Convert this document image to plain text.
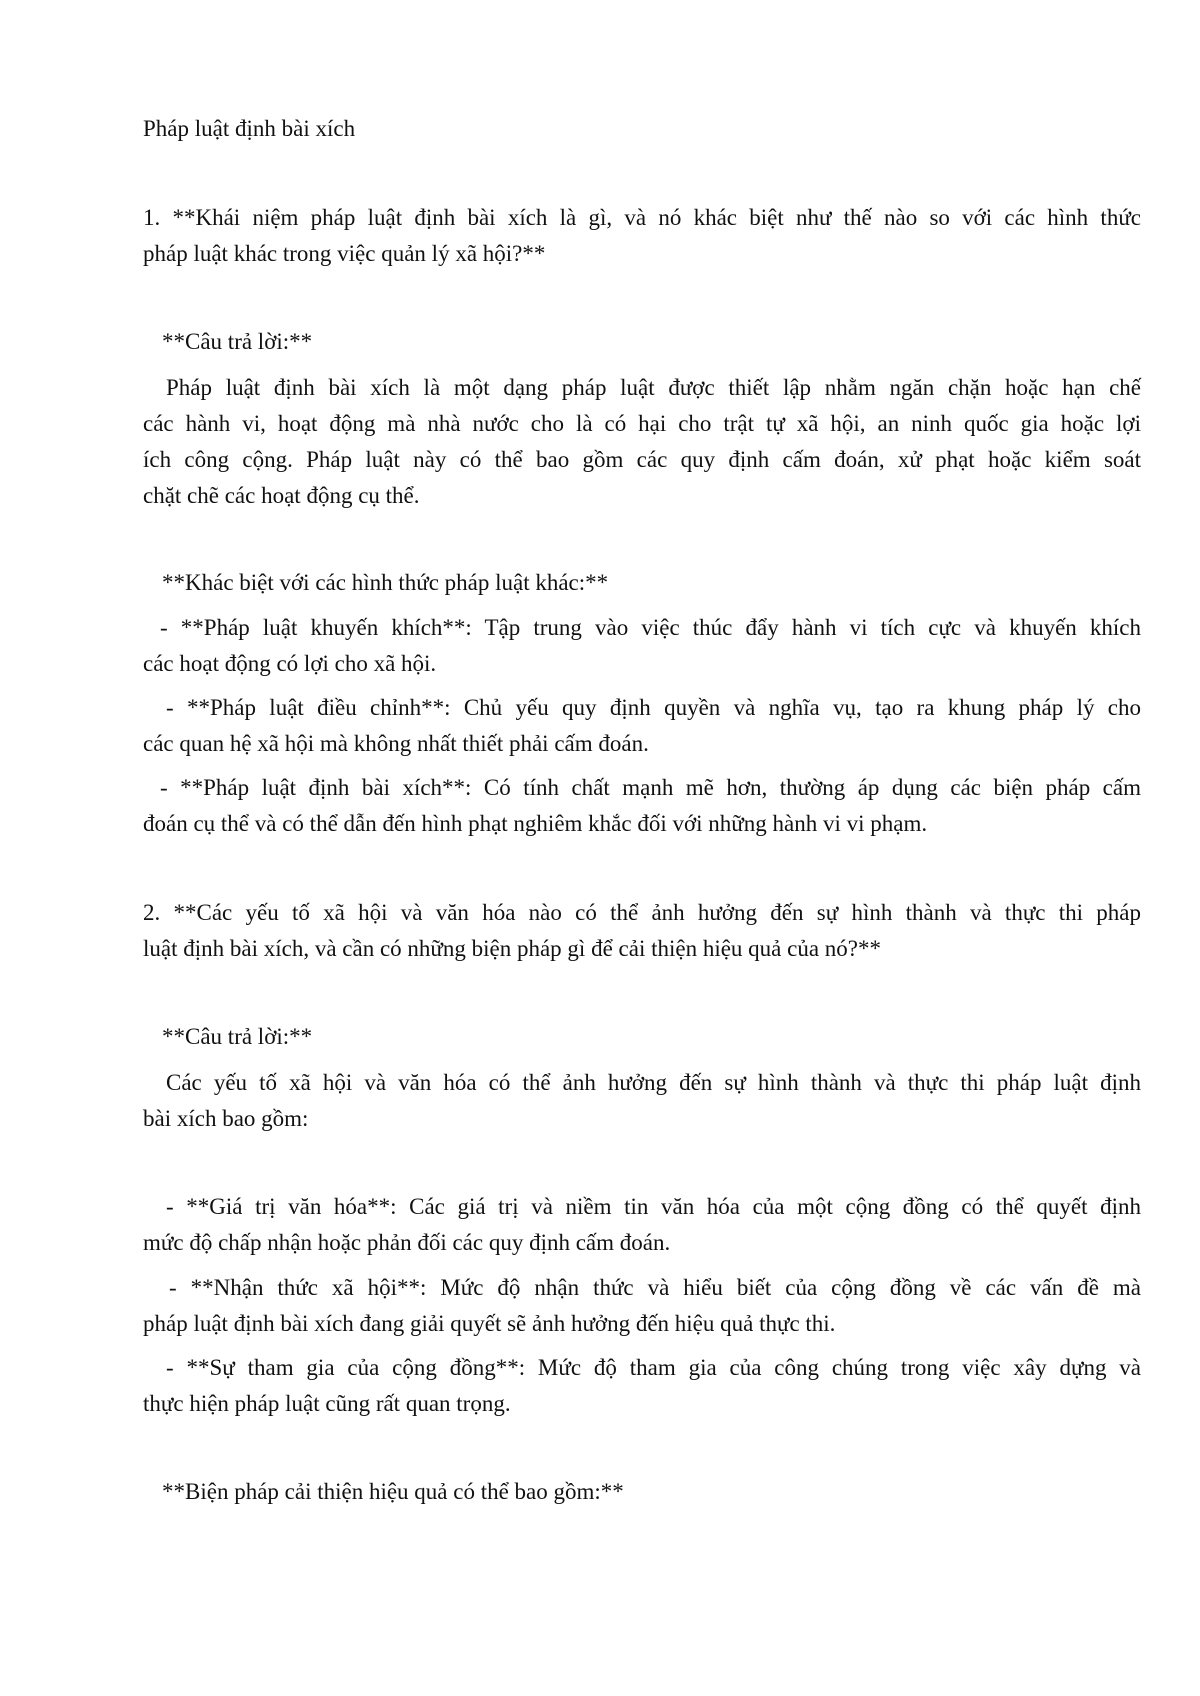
Pháp luật định bài xích
1. **Khái niệm pháp luật định bài xích là gì, và nó khác biệt như thế nào so với các hình thức
pháp luật khác trong việc quản lý xã hội?**
**Câu trả lời:**
Pháp luật định bài xích là một dạng pháp luật được thiết lập nhằm ngăn chặn hoặc hạn chế
các hành vi, hoạt động mà nhà nước cho là có hại cho trật tự xã hội, an ninh quốc gia hoặc lợi
ích công cộng. Pháp luật này có thể bao gồm các quy định cấm đoán, xử phạt hoặc kiểm soát
chặt chẽ các hoạt động cụ thể.
**Khác biệt với các hình thức pháp luật khác:**
- **Pháp luật khuyến khích**: Tập trung vào việc thúc đẩy hành vi tích cực và khuyến khích
các hoạt động có lợi cho xã hội.
- **Pháp luật điều chỉnh**: Chủ yếu quy định quyền và nghĩa vụ, tạo ra khung pháp lý cho
các quan hệ xã hội mà không nhất thiết phải cấm đoán.
- **Pháp luật định bài xích**: Có tính chất mạnh mẽ hơn, thường áp dụng các biện pháp cấm
đoán cụ thể và có thể dẫn đến hình phạt nghiêm khắc đối với những hành vi vi phạm.
2. **Các yếu tố xã hội và văn hóa nào có thể ảnh hưởng đến sự hình thành và thực thi pháp
luật định bài xích, và cần có những biện pháp gì để cải thiện hiệu quả của nó?**
**Câu trả lời:**
Các yếu tố xã hội và văn hóa có thể ảnh hưởng đến sự hình thành và thực thi pháp luật định
bài xích bao gồm:
- **Giá trị văn hóa**: Các giá trị và niềm tin văn hóa của một cộng đồng có thể quyết định
mức độ chấp nhận hoặc phản đối các quy định cấm đoán.
- **Nhận thức xã hội**: Mức độ nhận thức và hiểu biết của cộng đồng về các vấn đề mà
pháp luật định bài xích đang giải quyết sẽ ảnh hưởng đến hiệu quả thực thi.
- **Sự tham gia của cộng đồng**: Mức độ tham gia của công chúng trong việc xây dựng và
thực hiện pháp luật cũng rất quan trọng.
**Biện pháp cải thiện hiệu quả có thể bao gồm:**
